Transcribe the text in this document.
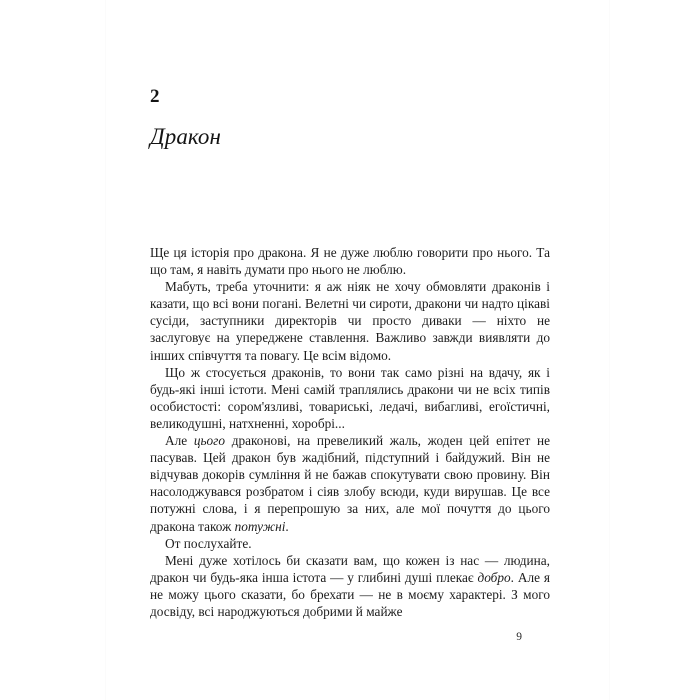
2
Дракон

Ще ця історія про дракона. Я не дуже люблю говорити про нього. Та що там, я навіть думати про нього не люблю.

Мабуть, треба уточнити: я аж ніяк не хочу обмовляти драконів і казати, що всі вони погані. Велетні чи сироти, дракони чи надто цікаві сусіди, заступники директорів чи просто диваки — ніхто не заслуговує на упереджене ставлення. Важливо завжди виявляти до інших співчуття та повагу. Це всім відомо.

Що ж стосується драконів, то вони так само різні на вдачу, як і будь-які інші істоти. Мені самій траплялись дракони чи не всіх типів особистості: сором'язливі, товариські, ледачі, вибагливі, егоїстичні, великодушні, натхненні, хоробрі...

Але цього драконові, на превеликий жаль, жоден цей епітет не пасував. Цей дракон був жадібний, підступний і байдужий. Він не відчував докорів сумління й не бажав спокутувати свою провину. Він насолоджувався розбратом і сіяв злобу всюди, куди вирушав. Це все потужні слова, і я перепрошую за них, але мої почуття до цього дракона також потужні.

От послухайте.

Мені дуже хотілось би сказати вам, що кожен із нас — людина, дракон чи будь-яка інша істота — у глибині душі плекає добро. Але я не можу цього сказати, бо брехати — не в моєму характері. З мого досвіду, всі народжуються добрими й майже

9
